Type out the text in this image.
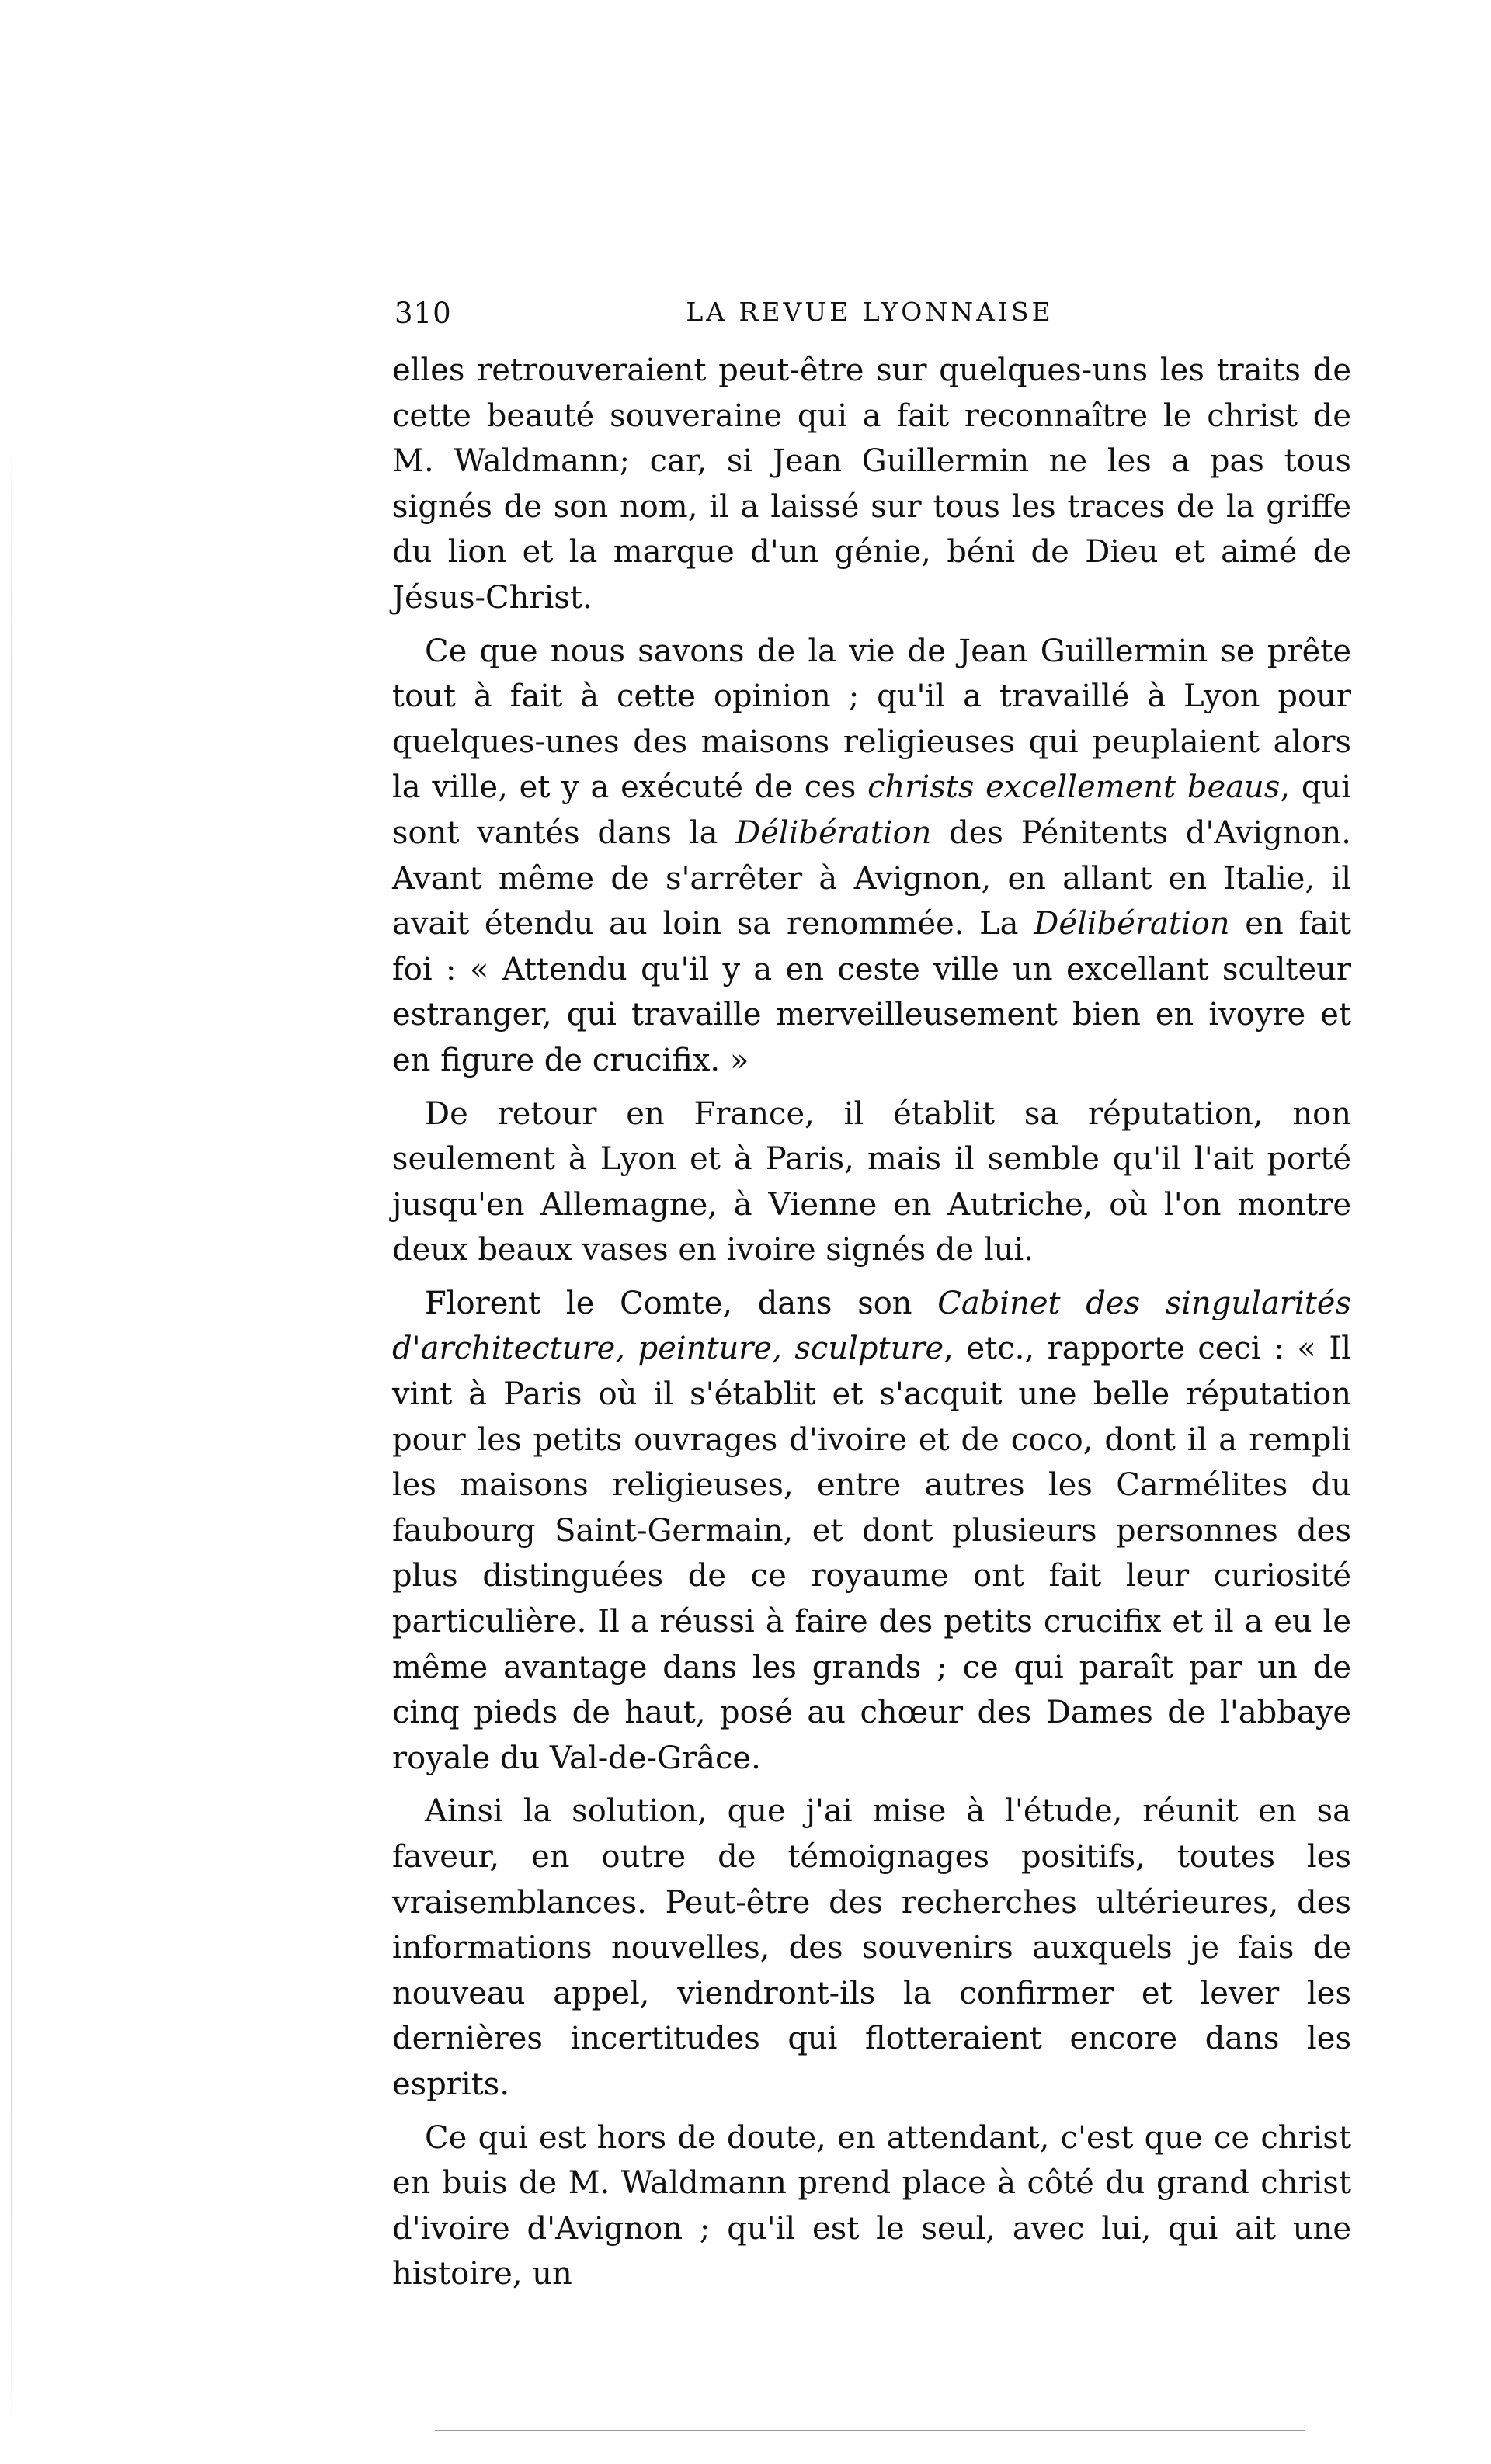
310	LA REVUE LYONNAISE

elles retrouveraient peut-être sur quelques-uns les traits de cette beauté souveraine qui a fait reconnaître le christ de M. Waldmann; car, si Jean Guillermin ne les a pas tous signés de son nom, il a laissé sur tous les traces de la griffe du lion et la marque d'un génie, béni de Dieu et aimé de Jésus-Christ.

Ce que nous savons de la vie de Jean Guillermin se prête tout à fait à cette opinion ; qu'il a travaillé à Lyon pour quelques-unes des maisons religieuses qui peuplaient alors la ville, et y a exécuté de ces christs excellement beaus, qui sont vantés dans la Délibération des Pénitents d'Avignon. Avant même de s'arrêter à Avignon, en allant en Italie, il avait étendu au loin sa renommée. La Délibération en fait foi : « Attendu qu'il y a en ceste ville un excellant sculteur estranger, qui travaille merveilleusement bien en ivoyre et en figure de crucifix. »

De retour en France, il établit sa réputation, non seulement à Lyon et à Paris, mais il semble qu'il l'ait porté jusqu'en Allemagne, à Vienne en Autriche, où l'on montre deux beaux vases en ivoire signés de lui.

Florent le Comte, dans son Cabinet des singularités d'architecture, peinture, sculpture, etc., rapporte ceci : « Il vint à Paris où il s'établit et s'acquit une belle réputation pour les petits ouvrages d'ivoire et de coco, dont il a rempli les maisons religieuses, entre autres les Carmélites du faubourg Saint-Germain, et dont plusieurs personnes des plus distinguées de ce royaume ont fait leur curiosité particulière. Il a réussi à faire des petits crucifix et il a eu le même avantage dans les grands ; ce qui paraît par un de cinq pieds de haut, posé au chœur des Dames de l'abbaye royale du Val-de-Grâce.

Ainsi la solution, que j'ai mise à l'étude, réunit en sa faveur, en outre de témoignages positifs, toutes les vraisemblances. Peut-être des recherches ultérieures, des informations nouvelles, des souvenirs auxquels je fais de nouveau appel, viendront-ils la confirmer et lever les dernières incertitudes qui flotteraient encore dans les esprits.

Ce qui est hors de doute, en attendant, c'est que ce christ en buis de M. Waldmann prend place à côté du grand christ d'ivoire d'Avignon ; qu'il est le seul, avec lui, qui ait une histoire, un
